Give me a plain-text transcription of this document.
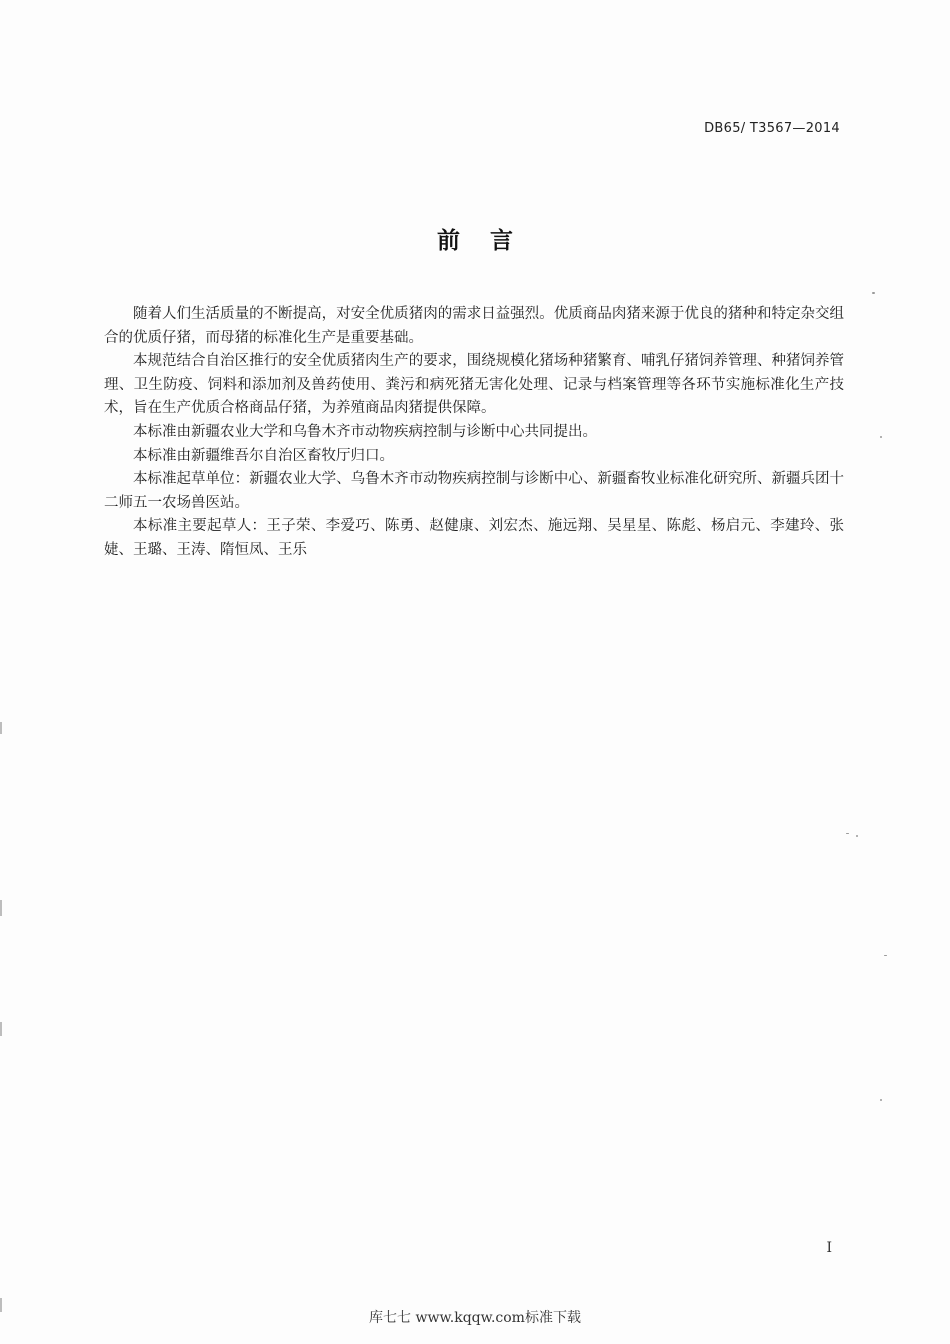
DB65/ T3567—2014
前 言

随着人们生活质量的不断提高，对安全优质猪肉的需求日益强烈。优质商品肉猪来源于优良的猪种和特定杂交组合的优质仔猪，而母猪的标准化生产是重要基础。

本规范结合自治区推行的安全优质猪肉生产的要求，围绕规模化猪场种猪繁育、哺乳仔猪饲养管理、种猪饲养管理、卫生防疫、饲料和添加剂及兽药使用、粪污和病死猪无害化处理、记录与档案管理等各环节实施标准化生产技术，旨在生产优质合格商品仔猪，为养殖商品肉猪提供保障。

本标准由新疆农业大学和乌鲁木齐市动物疾病控制与诊断中心共同提出。

本标准由新疆维吾尔自治区畜牧厅归口。

本标准起草单位：新疆农业大学、乌鲁木齐市动物疾病控制与诊断中心、新疆畜牧业标准化研究所、新疆兵团十二师五一农场兽医站。

本标准主要起草人：王子荣、李爱巧、陈勇、赵健康、刘宏杰、施远翔、吴星星、陈彪、杨启元、李建玲、张婕、王璐、王涛、隋恒凤、王乐

I
库七七 www.kqqw.com标准下载
